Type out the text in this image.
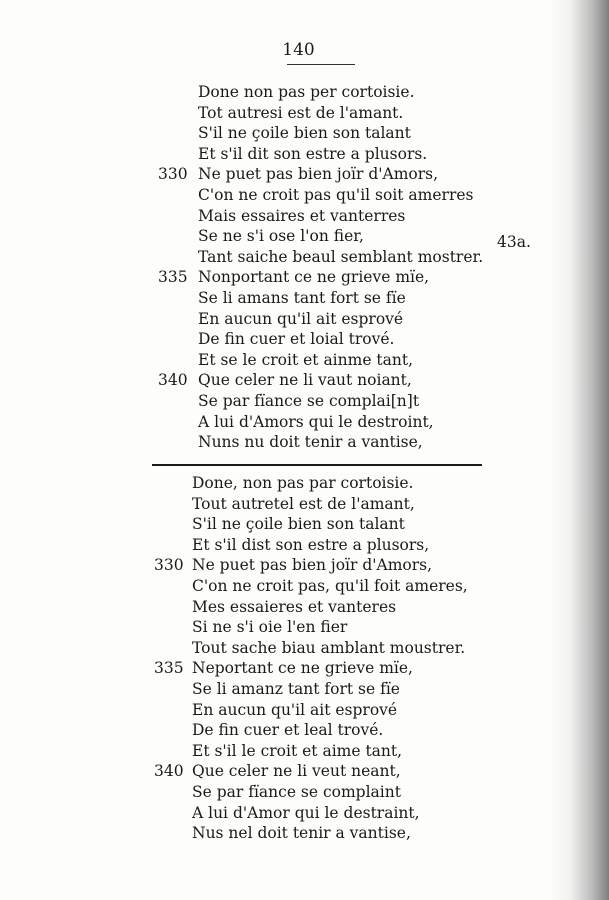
140
43a.
Done non pas per cortoisie.
Tot autresi est de l'amant.
S'il ne çoile bien son talant
Et s'il dit son estre a plusors.
330 Ne puet pas bien joïr d'Amors,
C'on ne croit pas qu'il soit amerres
Mais essaires et vanterres
Se ne s'i ose l'on fier,
Tant saiche beaul semblant mostrer.
335 Nonportant ce ne grieve mïe,
Se li amans tant fort se fïe
En aucun qu'il ait esprové
De fin cuer et loial trové.
Et se le croit et ainme tant,
340 Que celer ne li vaut noiant,
Se par fïance se complai[n]t
A lui d'Amors qui le destroint,
Nuns nu doit tenir a vantise,
Done, non pas par cortoisie.
Tout autretel est de l'amant,
S'il ne çoile bien son talant
Et s'il dist son estre a plusors,
330 Ne puet pas bien joïr d'Amors,
C'on ne croit pas, qu'il foit ameres,
Mes essaieres et vanteres
Si ne s'i oie l'en fier
Tout sache biau amblant moustrer.
335 Neportant ce ne grieve mïe,
Se li amanz tant fort se fïe
En aucun qu'il ait esprové
De fin cuer et leal trové.
Et s'il le croit et aime tant,
340 Que celer ne li veut neant,
Se par fïance se complaint
A lui d'Amor qui le destraint,
Nus nel doit tenir a vantise,
